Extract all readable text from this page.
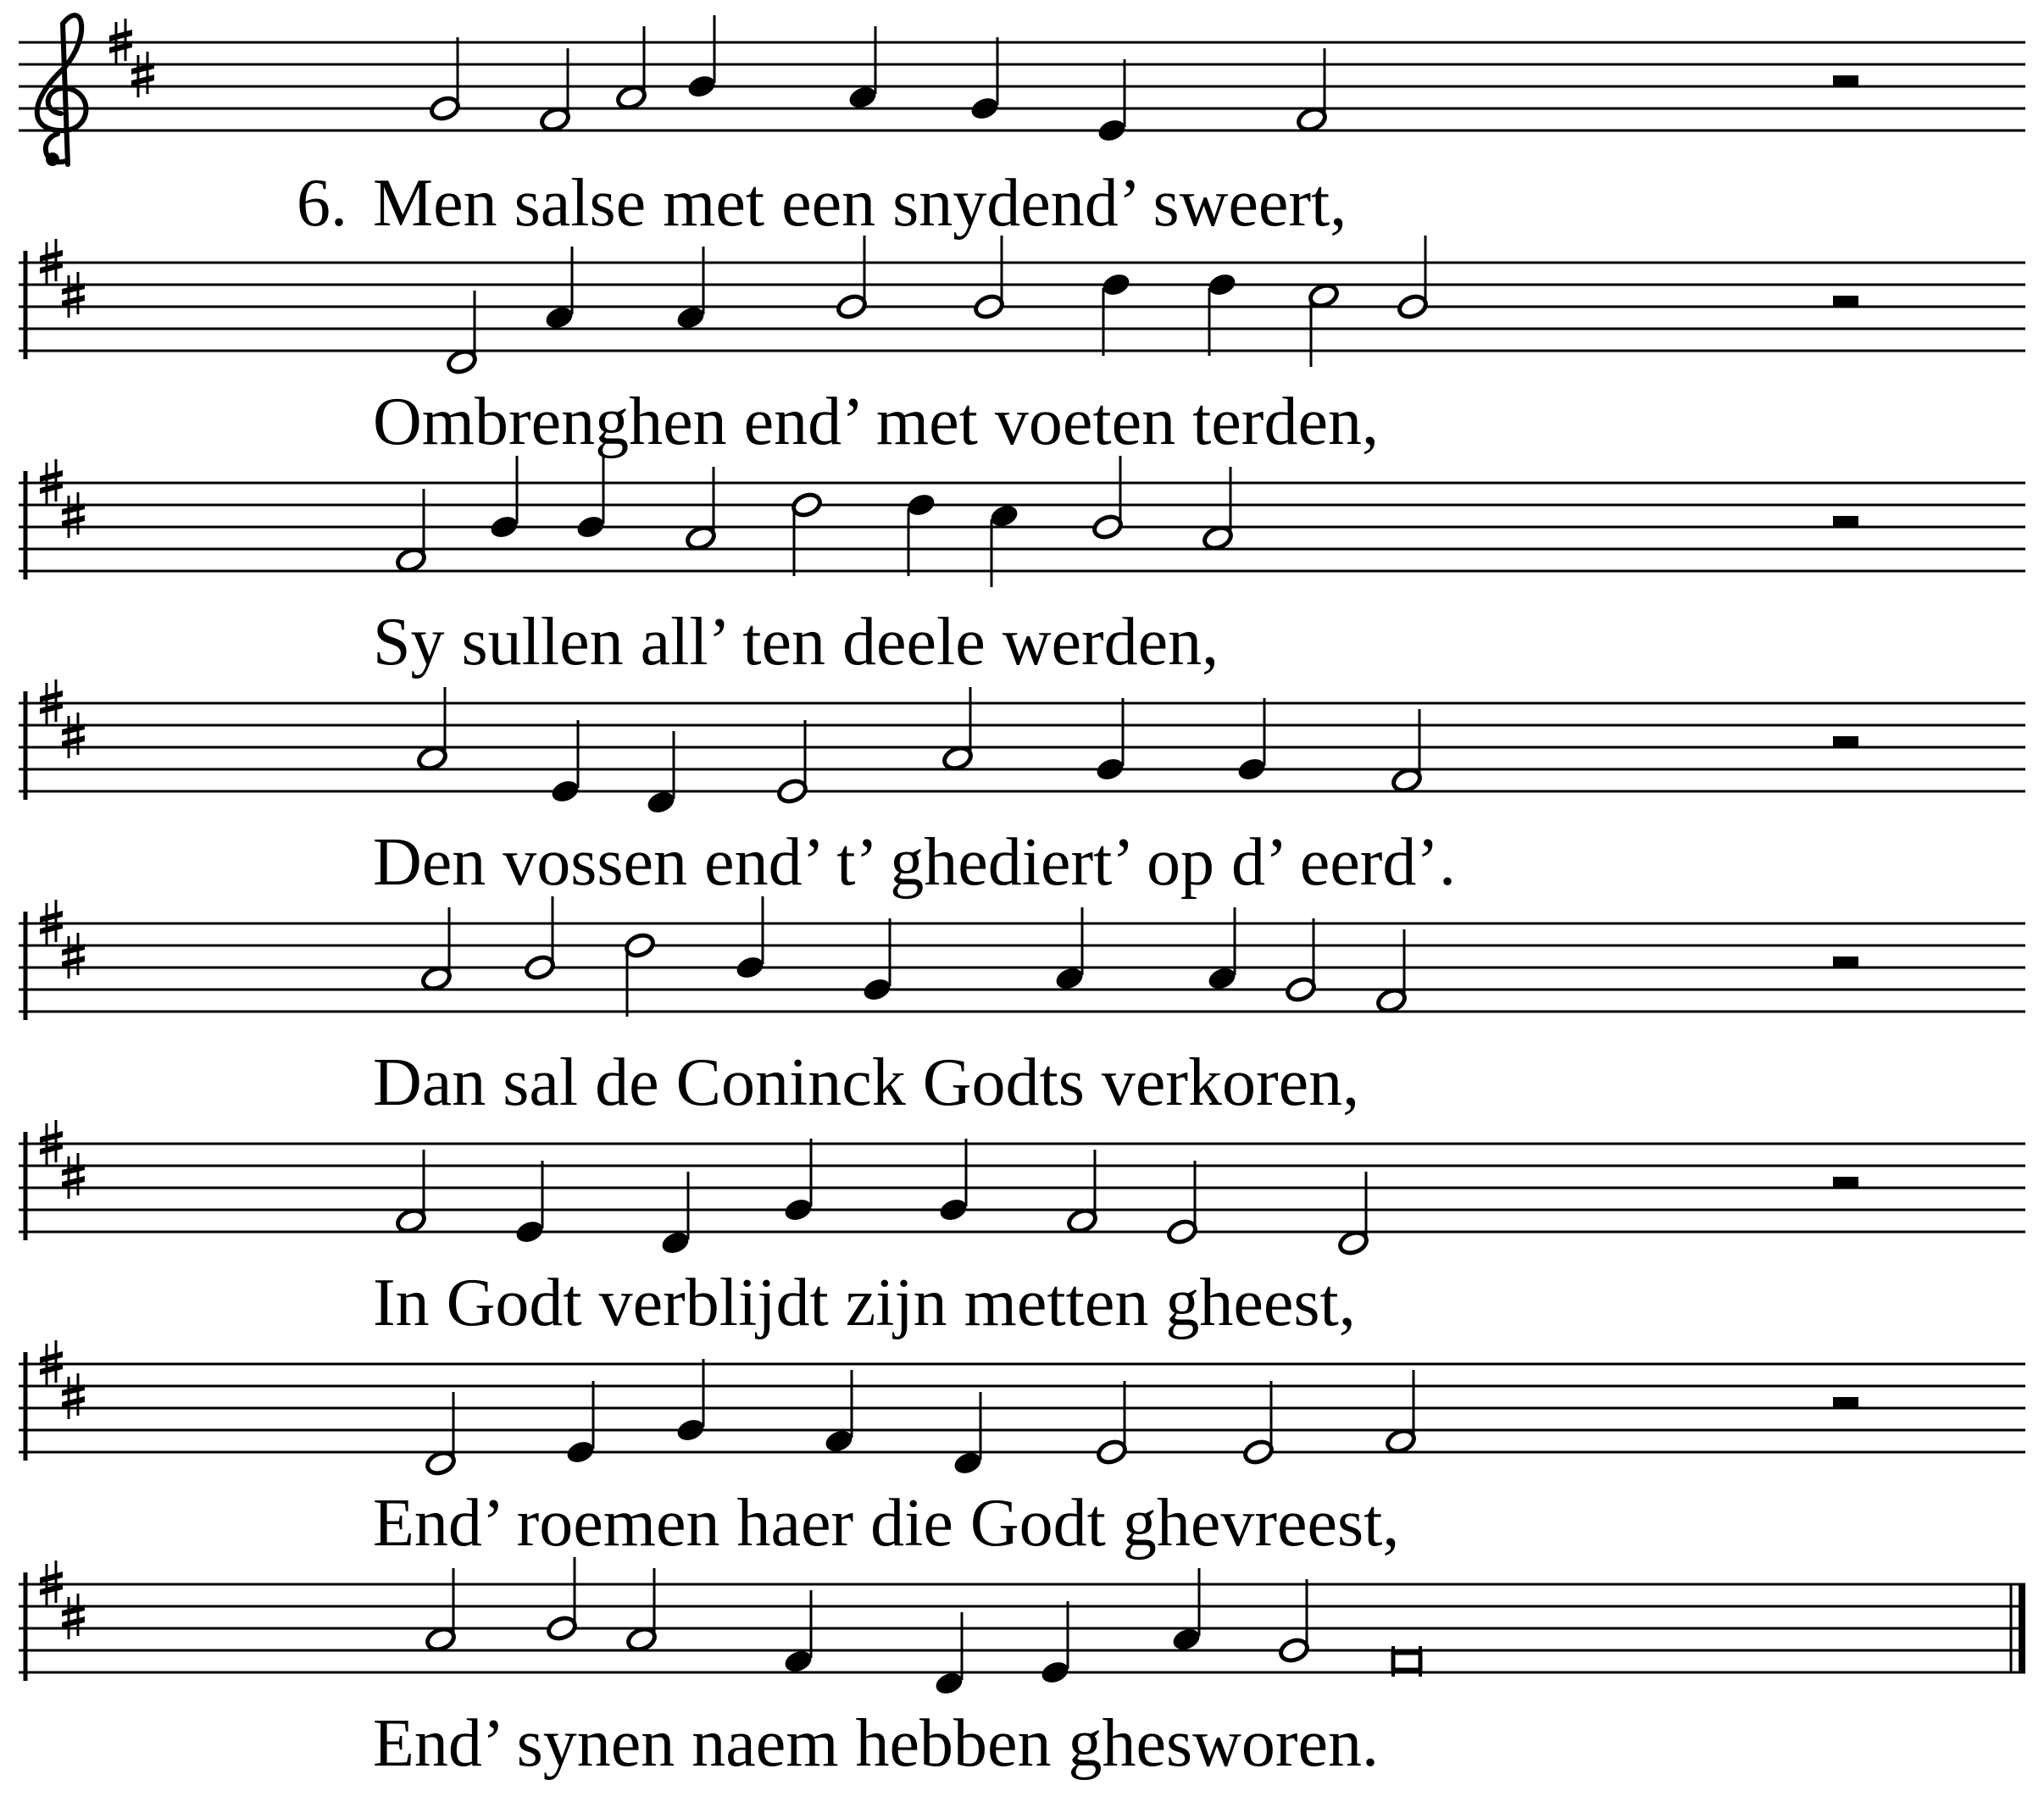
6. Men salse met een snydend’ sweert,
Ombrenghen end’ met voeten terden,
Sy sullen all’ ten deele werden,
Den vossen end’ t’ ghediert’ op d’ eerd’.
Dan sal de Coninck Godts verkoren,
In Godt verblijdt zijn metten gheest,
End’ roemen haer die Godt ghevreest,
End’ synen naem hebben ghesworen.
